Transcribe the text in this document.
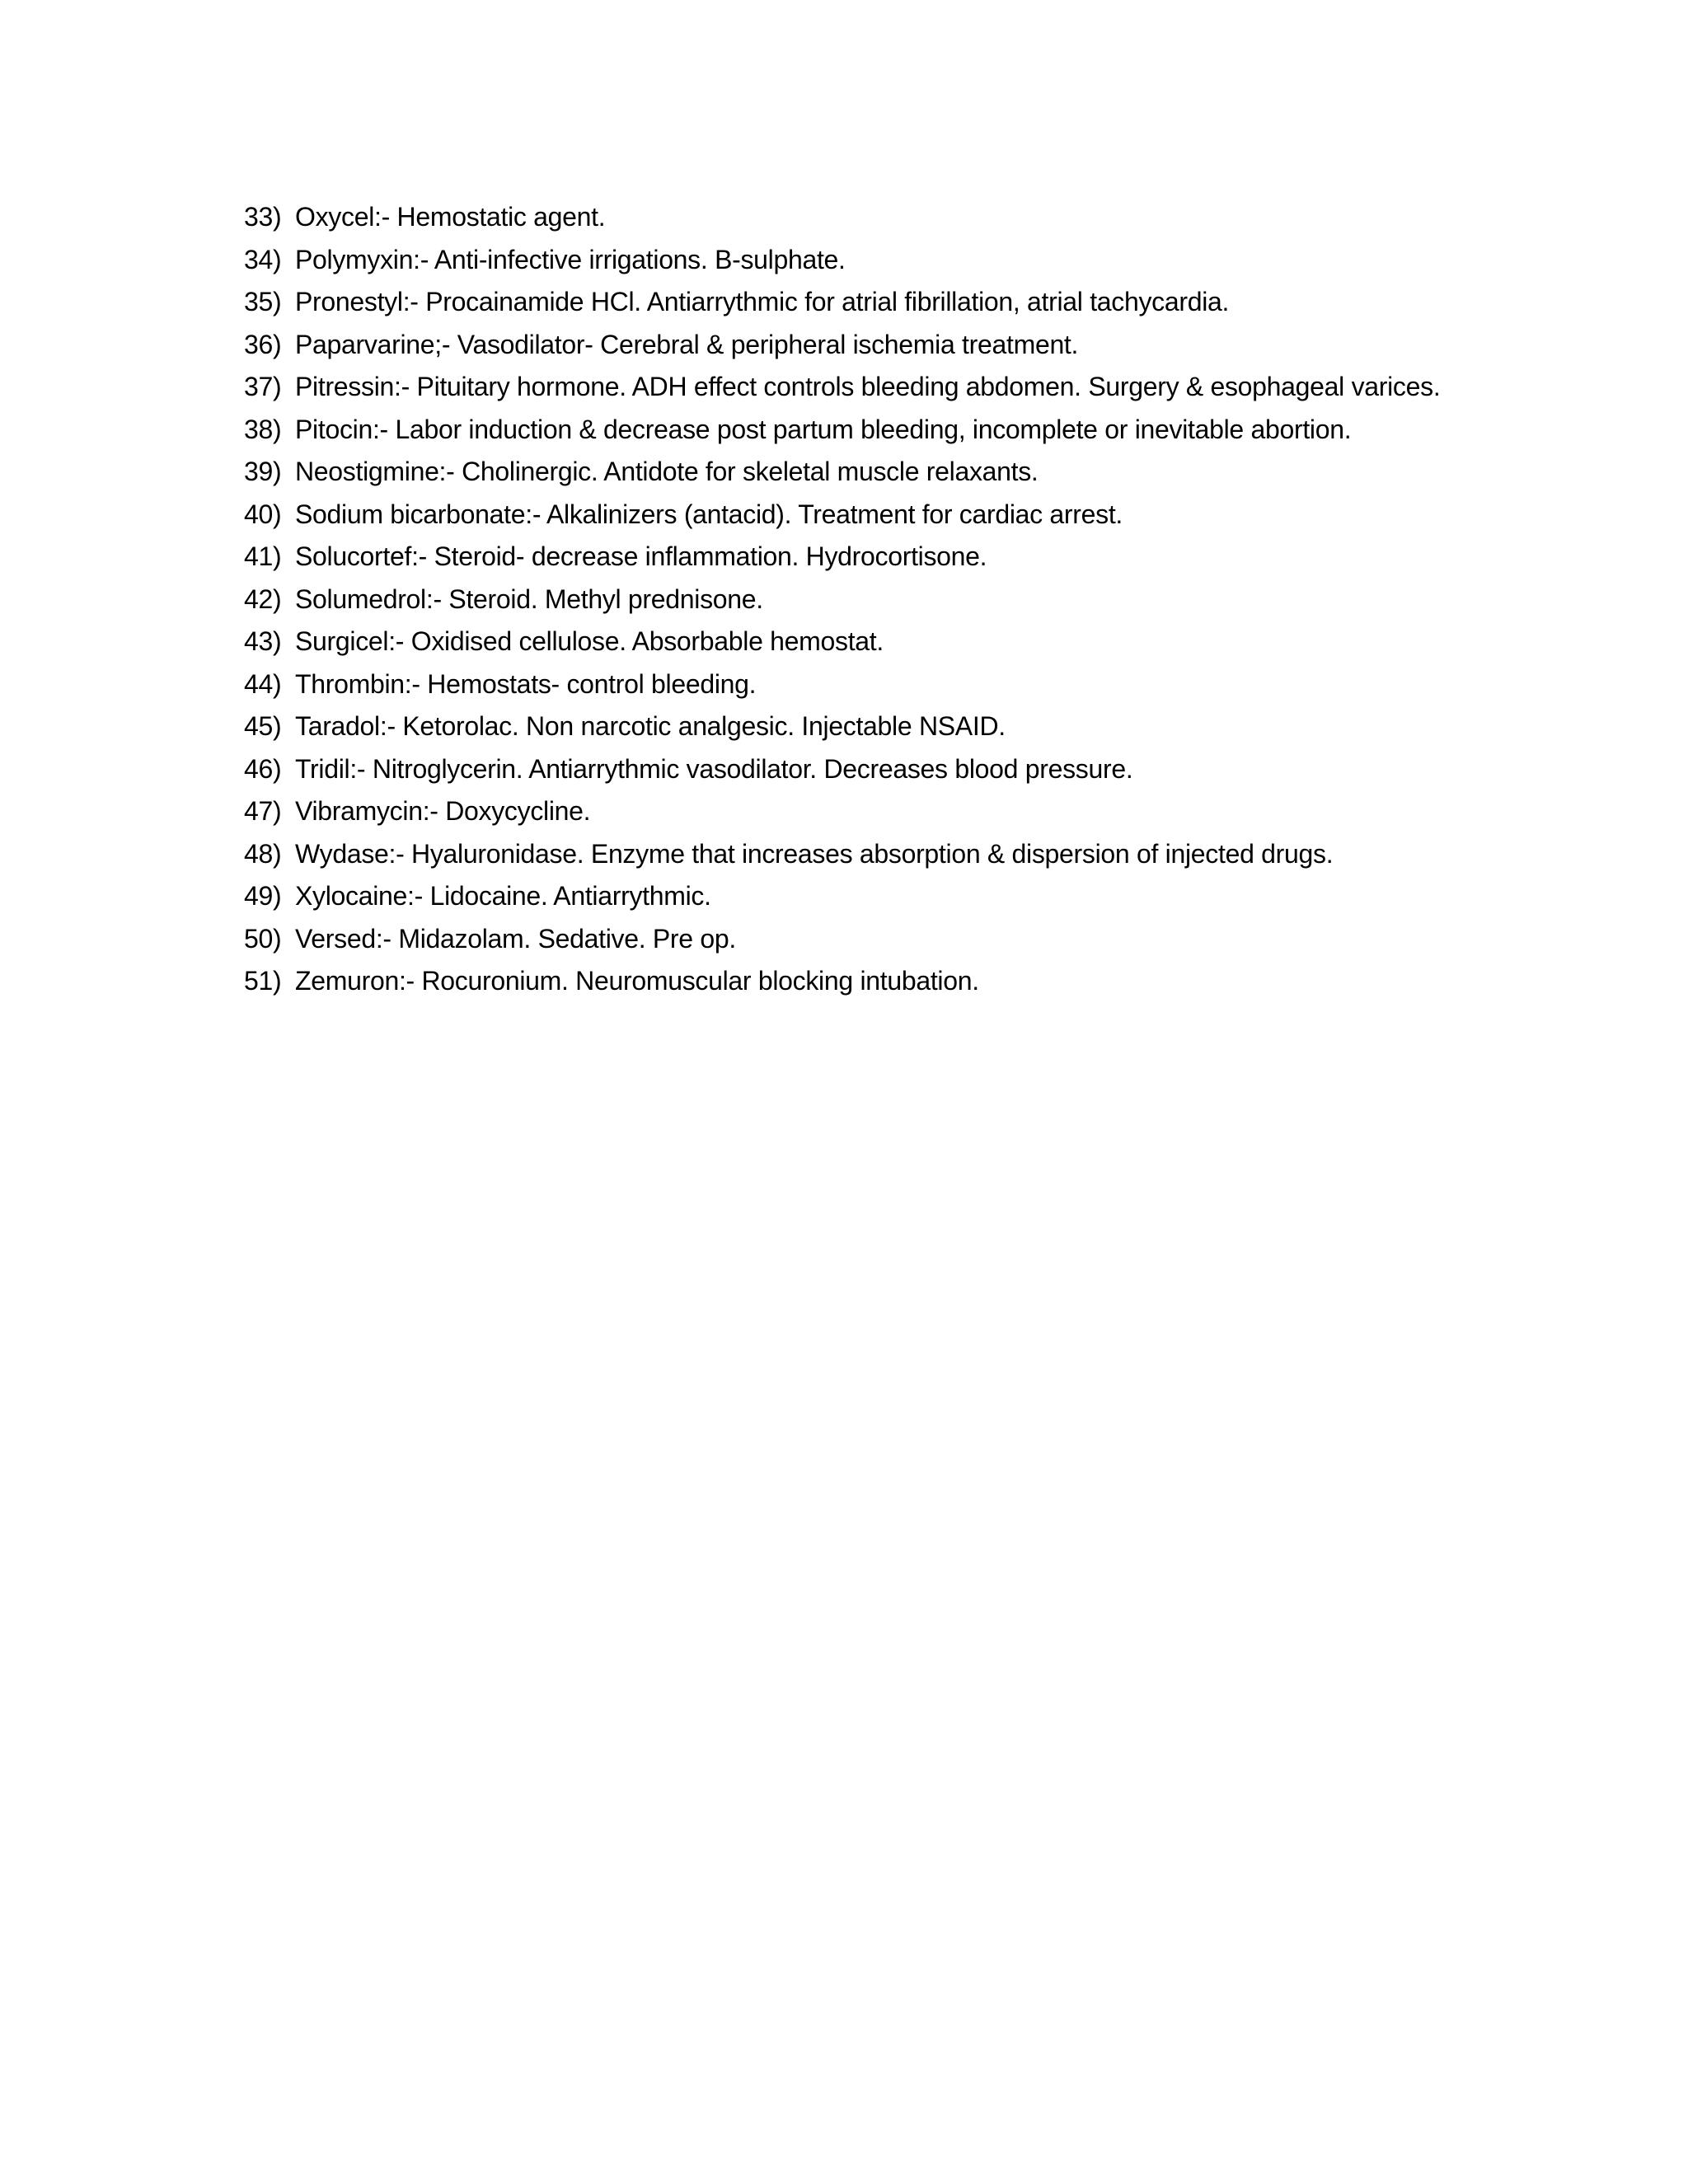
33) Oxycel:- Hemostatic agent.
34) Polymyxin:- Anti-infective irrigations. B-sulphate.
35) Pronestyl:- Procainamide HCl. Antiarrythmic for atrial fibrillation, atrial tachycardia.
36) Paparvarine;- Vasodilator- Cerebral & peripheral ischemia treatment.
37) Pitressin:- Pituitary hormone. ADH effect controls bleeding abdomen. Surgery & esophageal varices.
38) Pitocin:- Labor induction & decrease post partum bleeding, incomplete or inevitable abortion.
39) Neostigmine:- Cholinergic. Antidote for skeletal muscle relaxants.
40) Sodium bicarbonate:- Alkalinizers (antacid). Treatment for cardiac arrest.
41) Solucortef:- Steroid- decrease inflammation. Hydrocortisone.
42) Solumedrol:- Steroid. Methyl prednisone.
43) Surgicel:- Oxidised cellulose. Absorbable hemostat.
44) Thrombin:- Hemostats- control bleeding.
45) Taradol:- Ketorolac. Non narcotic analgesic. Injectable NSAID.
46) Tridil:- Nitroglycerin. Antiarrythmic vasodilator. Decreases blood pressure.
47) Vibramycin:- Doxycycline.
48) Wydase:- Hyaluronidase. Enzyme that increases absorption & dispersion of injected drugs.
49) Xylocaine:- Lidocaine. Antiarrythmic.
50) Versed:- Midazolam. Sedative. Pre op.
51) Zemuron:- Rocuronium. Neuromuscular blocking intubation.
